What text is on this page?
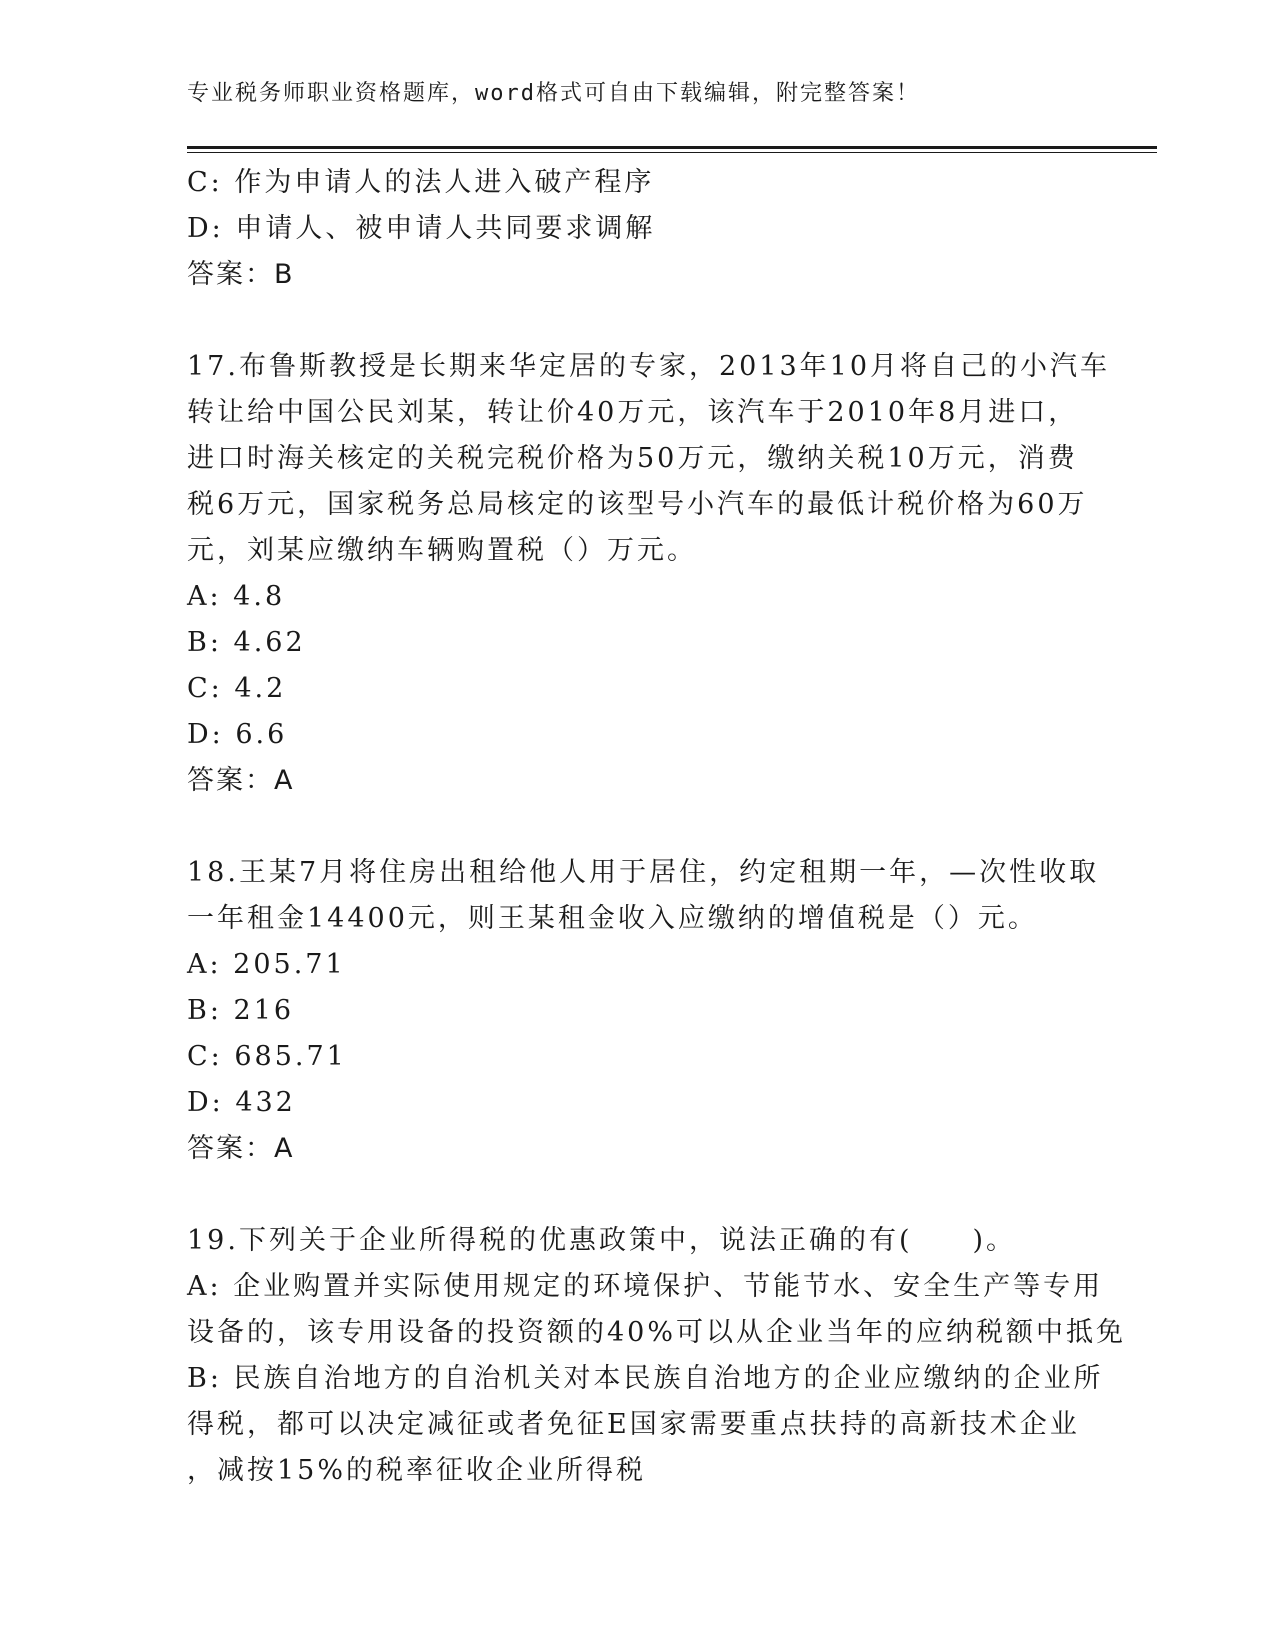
专业税务师职业资格题库，word格式可自由下载编辑，附完整答案！
C: 作为申请人的法人进入破产程序
D: 申请人、被申请人共同要求调解
答案：B
17.布鲁斯教授是长期来华定居的专家，2013年10月将自己的小汽车
转让给中国公民刘某，转让价40万元，该汽车于2010年8月进口，
进口时海关核定的关税完税价格为50万元，缴纳关税10万元，消费
税6万元，国家税务总局核定的该型号小汽车的最低计税价格为60万
元，刘某应缴纳车辆购置税（）万元。
A: 4.8
B: 4.62
C: 4.2
D: 6.6
答案：A
18.王某7月将住房出租给他人用于居住，约定租期一年，—次性收取
一年租金14400元，则王某租金收入应缴纳的增值税是（）元。
A: 205.71
B: 216
C: 685.71
D: 432
答案：A
19.下列关于企业所得税的优惠政策中，说法正确的有(　　)。
A: 企业购置并实际使用规定的环境保护、节能节水、安全生产等专用
设备的，该专用设备的投资额的40%可以从企业当年的应纳税额中抵免
B: 民族自治地方的自治机关对本民族自治地方的企业应缴纳的企业所
得税，都可以决定减征或者免征E国家需要重点扶持的高新技术企业
，减按15%的税率征收企业所得税
